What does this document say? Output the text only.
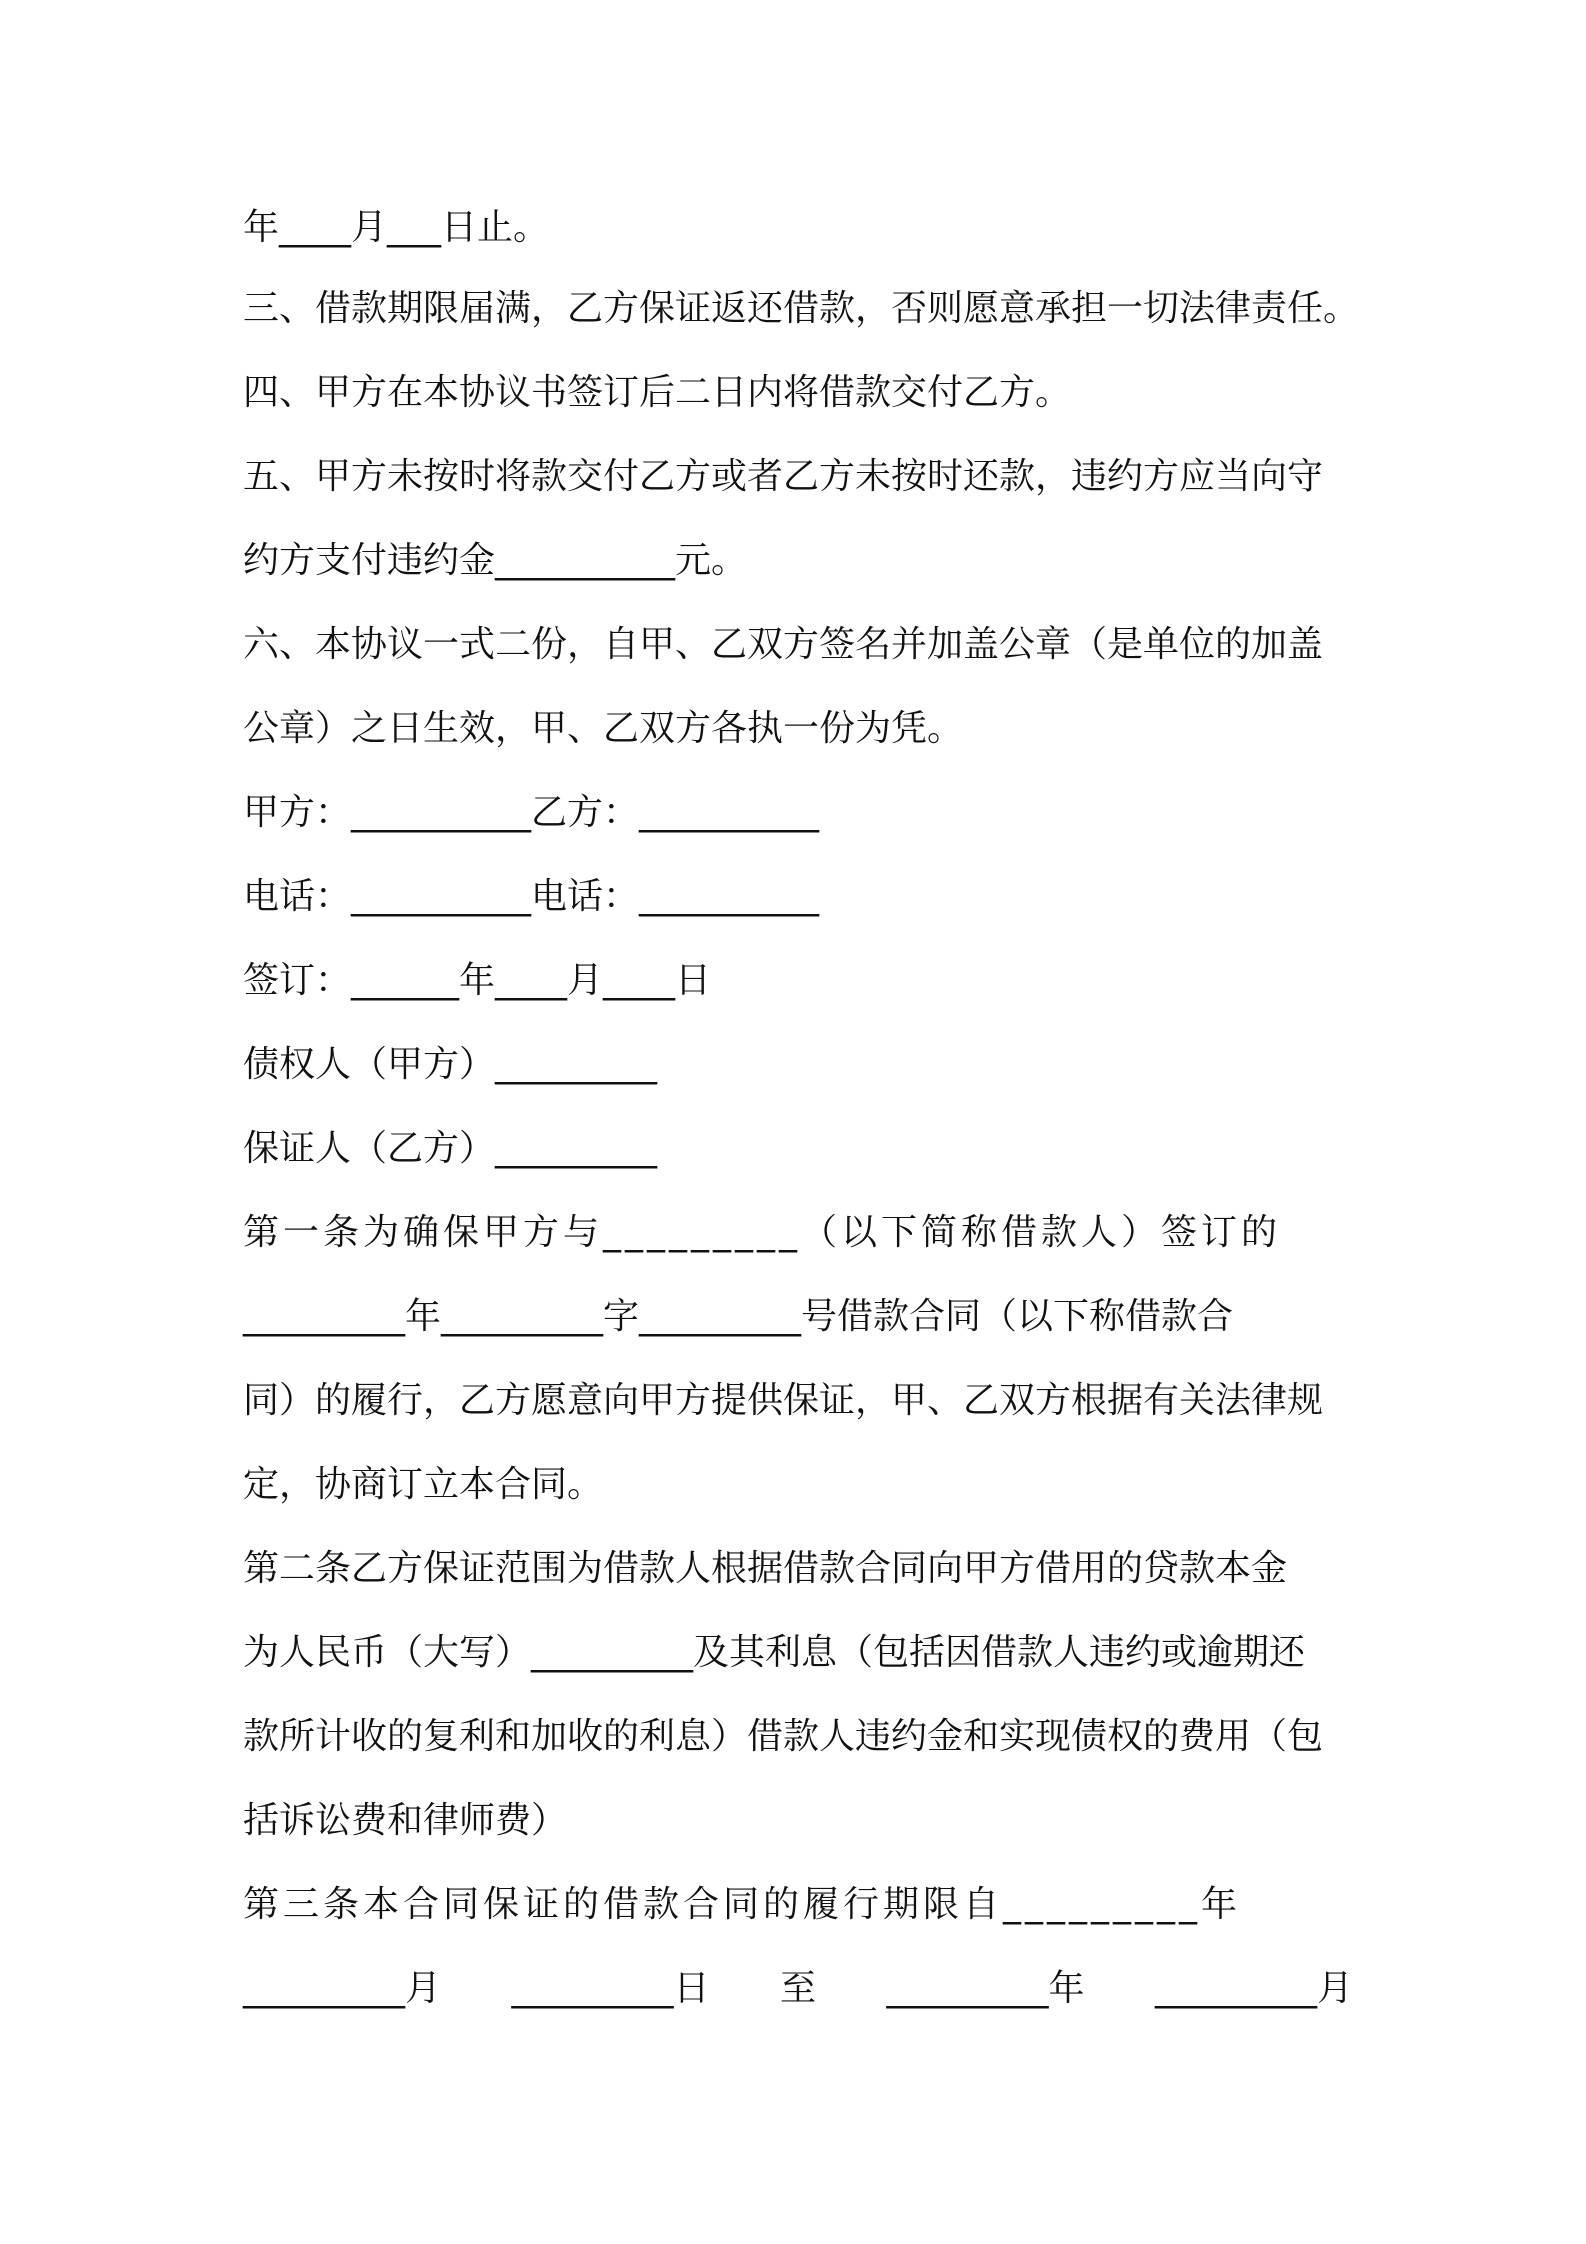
年____月___日止。
三、借款期限届满，乙方保证返还借款，否则愿意承担一切法律责任。
四、甲方在本协议书签订后二日内将借款交付乙方。
五、甲方未按时将款交付乙方或者乙方未按时还款，违约方应当向守
约方支付违约金__________元。
六、本协议一式二份，自甲、乙双方签名并加盖公章（是单位的加盖
公章）之日生效，甲、乙双方各执一份为凭。
甲方：__________乙方：__________
电话：__________电话：__________
签订：______年____月____日
债权人（甲方）_________
保证人（乙方）_________
第一条为确保甲方与_________（以下简称借款人）签订的
_________年_________字_________号借款合同（以下称借款合
同）的履行，乙方愿意向甲方提供保证，甲、乙双方根据有关法律规
定，协商订立本合同。
第二条乙方保证范围为借款人根据借款合同向甲方借用的贷款本金
为人民币（大写）_________及其利息（包括因借款人违约或逾期还
款所计收的复利和加收的利息）借款人违约金和实现债权的费用（包
括诉讼费和律师费）
第三条本合同保证的借款合同的履行期限自_________年
_________月 _________日 至 _________年 _________月
